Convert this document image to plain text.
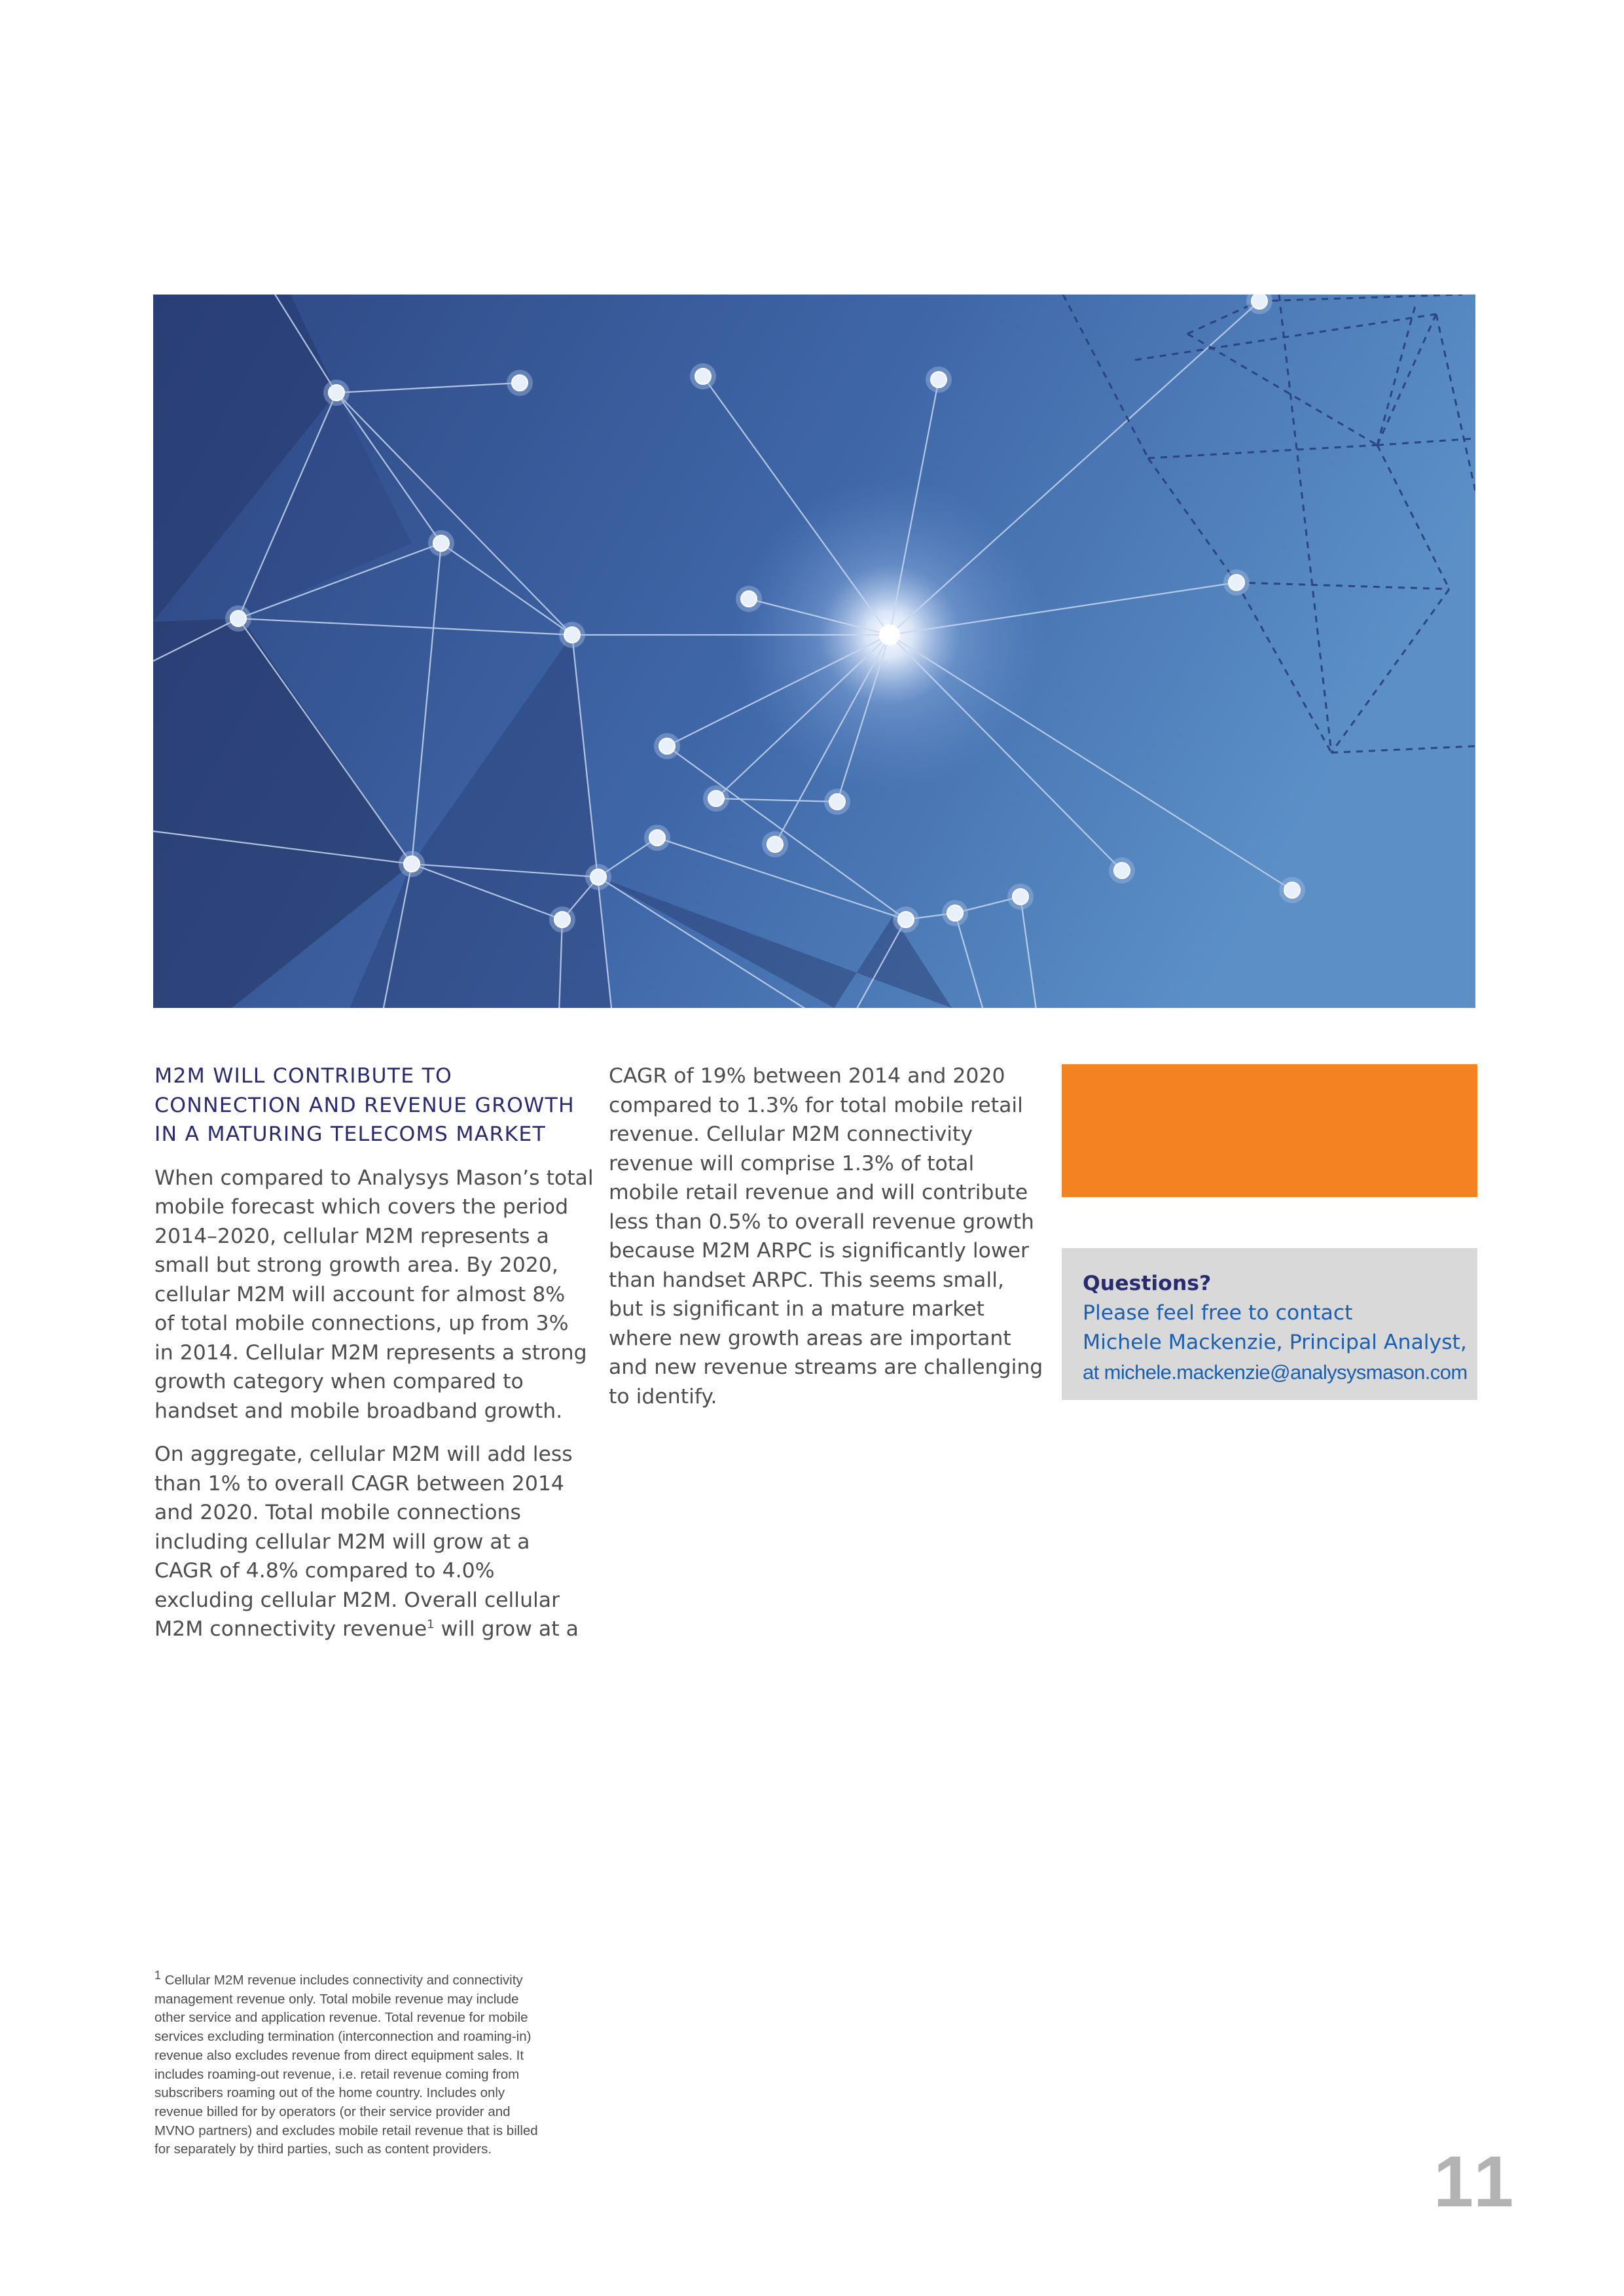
M2M WILL CONTRIBUTE TO
CONNECTION AND REVENUE GROWTH
IN A MATURING TELECOMS MARKET
When compared to Analysys Mason’s total
mobile forecast which covers the period
2014–2020, cellular M2M represents a
small but strong growth area. By 2020,
cellular M2M will account for almost 8%
of total mobile connections, up from 3%
in 2014. Cellular M2M represents a strong
growth category when compared to
handset and mobile broadband growth.
On aggregate, cellular M2M will add less
than 1% to overall CAGR between 2014
and 2020. Total mobile connections
including cellular M2M will grow at a
CAGR of 4.8% compared to 4.0%
excluding cellular M2M. Overall cellular
M2M connectivity revenue$^1$ will grow at a
CAGR of 19% between 2014 and 2020
compared to 1.3% for total mobile retail
revenue. Cellular M2M connectivity
revenue will comprise 1.3% of total
mobile retail revenue and will contribute
less than 0.5% to overall revenue growth
because M2M ARPC is significantly lower
than handset ARPC. This seems small,
but is significant in a mature market
where new growth areas are important
and new revenue streams are challenging
to identify.
Questions?
Please feel free to contact
Michele Mackenzie, Principal Analyst,
at michele.mackenzie@analysysmason.com
$^1$ Cellular M2M revenue includes connectivity and connectivity
management revenue only. Total mobile revenue may include
other service and application revenue. Total revenue for mobile
services excluding termination (interconnection and roaming-in)
revenue also excludes revenue from direct equipment sales. It
includes roaming-out revenue, i.e. retail revenue coming from
subscribers roaming out of the home country. Includes only
revenue billed for by operators (or their service provider and
MVNO partners) and excludes mobile retail revenue that is billed
for separately by third parties, such as content providers.	11
